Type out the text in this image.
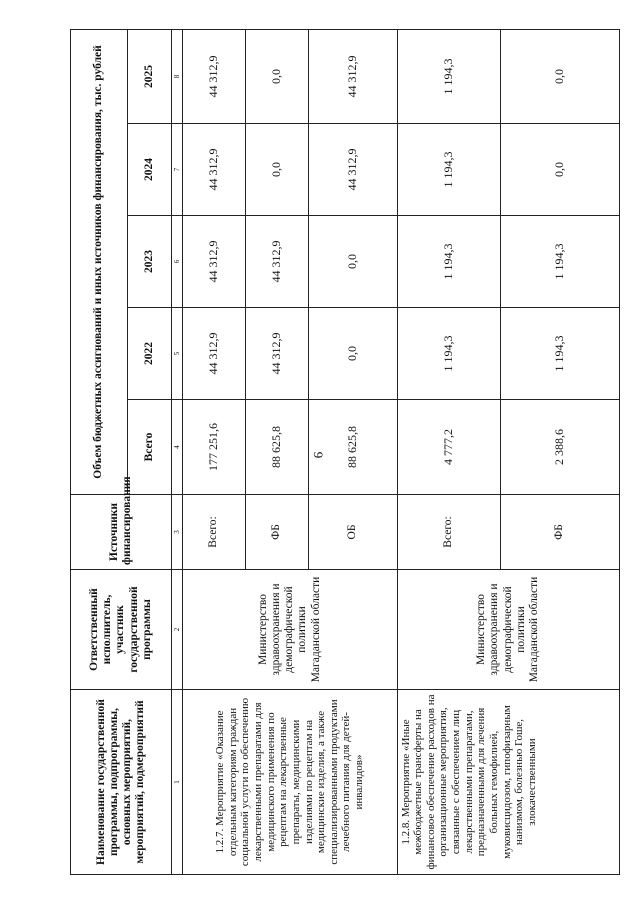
9
Наименование государственной программы, подпрограммы, основных мероприятий, мероприятий, подмероприятий	Ответственный исполнитель, участник государственной программы	Источники финансирования	Объем бюджетных ассигнований и иных источников финансирования, тыс. рублей				
			Всего	2022	2023	2024	2025
1	2	3	4	5	6	7	8
1.2.7. Мероприятие «Оказание отдельным категориям граждан социальной услуги по обеспечению лекарственными препаратами для медицинского применения по рецептам на лекарственные препараты, медицинскими изделиями по рецептам на медицинские изделия, а также специализированными продуктами лечебного питания для детей-инвалидов»	Министерство здравоохранения и демографической политики Магаданской области	Всего:	177 251,6	44 312,9	44 312,9	44 312,9	44 312,9
		ФБ	88 625,8	44 312,9	44 312,9	0,0	0,0
		ОБ	88 625,8	0,0	0,0	44 312,9	44 312,9
1.2.8. Мероприятие «Иные межбюджетные трансферты на финансовое обеспечение расходов на организационные мероприятия, связанные с обеспечением лиц лекарственными препаратами, предназначенными для лечения больных гемофилией, муковисцидозом, гипофизарным нанизмом, болезнью Гоше, злокачественными	Министерство здравоохранения и демографической политики Магаданской области	Всего:	4 777,2	1 194,3	1 194,3	1 194,3	1 194,3
		ФБ	2 388,6	1 194,3	1 194,3	0,0	0,0
